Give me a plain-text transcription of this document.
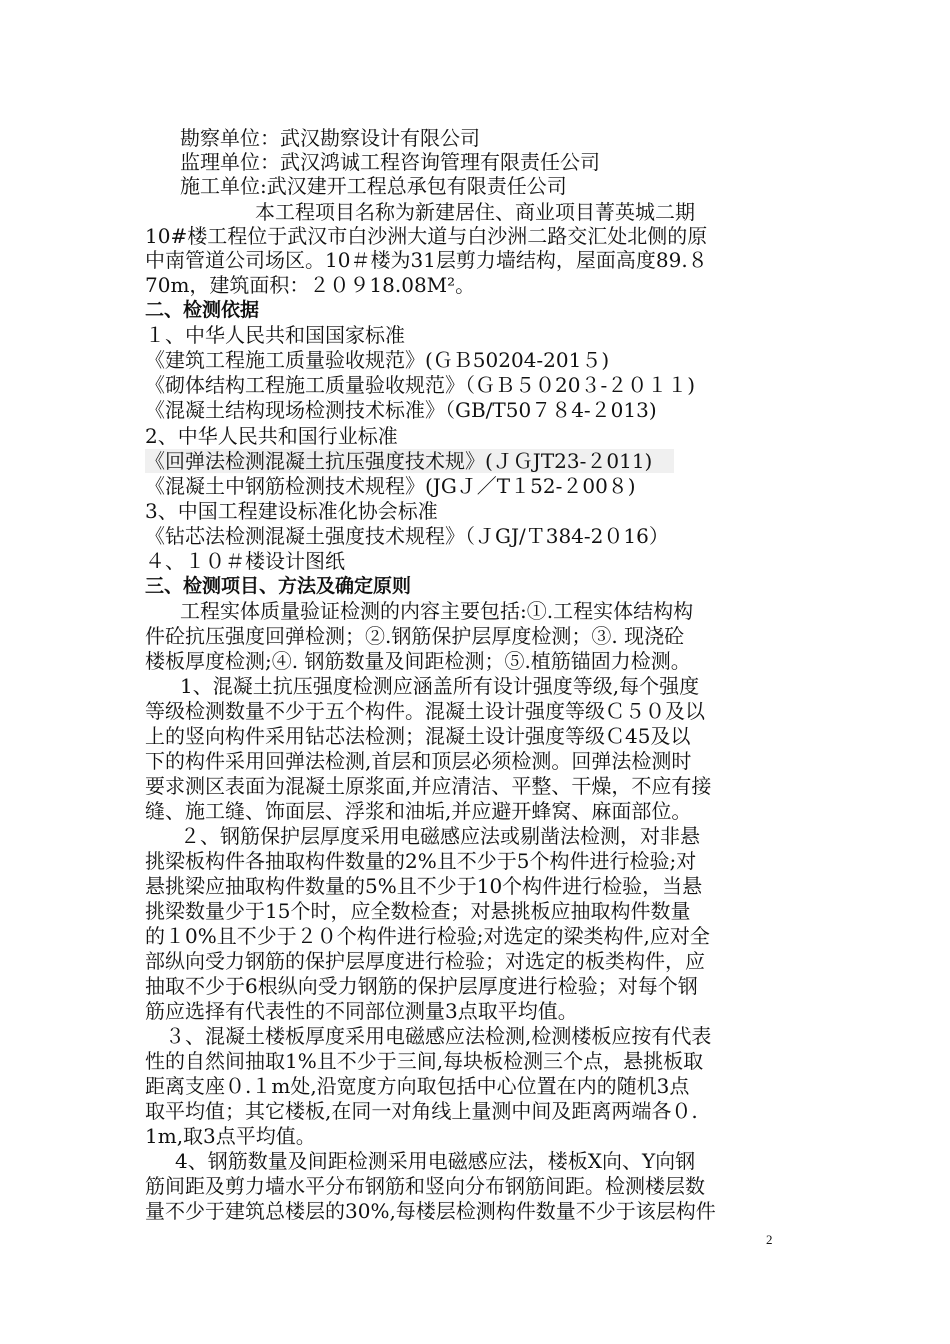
勘察单位：武汉勘察设计有限公司
监理单位：武汉鸿诚工程咨询管理有限责任公司
施工单位:武汉建开工程总承包有限责任公司
本工程项目名称为新建居住、商业项目菁英城二期
10#楼工程位于武汉市白沙洲大道与白沙洲二路交汇处北侧的原
中南管道公司场区。10＃楼为31层剪力墙结构，屋面高度89.８
70m，建筑面积：２０９18.08M²。
二、检测依据
１、中华人民共和国国家标准
《建筑工程施工质量验收规范》(ＧＢ50204-201５)
《砌体结构工程施工质量验收规范》（ＧＢ５０20３-２０１１)
《混凝土结构现场检测技术标准》（GB/T50７８4-２013)
2、中华人民共和国行业标准
《回弹法检测混凝土抗压强度技术规》(ＪＧJT23-２011)
《混凝土中钢筋检测技术规程》(JGＪ／T１52-２00８)
3、中国工程建设标准化协会标准
《钻芯法检测混凝土强度技术规程》（ＪGJ/Ｔ384-2０16）
４、１０＃楼设计图纸
三、检测项目、方法及确定原则
工程实体质量验证检测的内容主要包括:①.工程实体结构构
件砼抗压强度回弹检测；②.钢筋保护层厚度检测；③. 现浇砼
楼板厚度检测;④. 钢筋数量及间距检测；⑤.植筋锚固力检测。
1、混凝土抗压强度检测应涵盖所有设计强度等级,每个强度
等级检测数量不少于五个构件。混凝土设计强度等级Ｃ５０及以
上的竖向构件采用钻芯法检测；混凝土设计强度等级Ｃ45及以
下的构件采用回弹法检测,首层和顶层必须检测。回弹法检测时
要求测区表面为混凝土原浆面,并应清洁、平整、干燥，不应有接
缝、施工缝、饰面层、浮浆和油垢,并应避开蜂窝、麻面部位。
２、钢筋保护层厚度采用电磁感应法或剔凿法检测，对非悬
挑梁板构件各抽取构件数量的2%且不少于5个构件进行检验;对
悬挑梁应抽取构件数量的5%且不少于10个构件进行检验，当悬
挑梁数量少于15个时，应全数检查；对悬挑板应抽取构件数量
的１0%且不少于２０个构件进行检验;对选定的梁类构件,应对全
部纵向受力钢筋的保护层厚度进行检验；对选定的板类构件，应
抽取不少于6根纵向受力钢筋的保护层厚度进行检验；对每个钢
筋应选择有代表性的不同部位测量3点取平均值。
３、混凝土楼板厚度采用电磁感应法检测,检测楼板应按有代表
性的自然间抽取1%且不少于三间,每块板检测三个点，悬挑板取
距离支座０.１m处,沿宽度方向取包括中心位置在内的随机3点
取平均值；其它楼板,在同一对角线上量测中间及距离两端各０.
1m,取3点平均值。
4、钢筋数量及间距检测采用电磁感应法，楼板X向、Y向钢
筋间距及剪力墙水平分布钢筋和竖向分布钢筋间距。检测楼层数
量不少于建筑总楼层的30%,每楼层检测构件数量不少于该层构件
2
